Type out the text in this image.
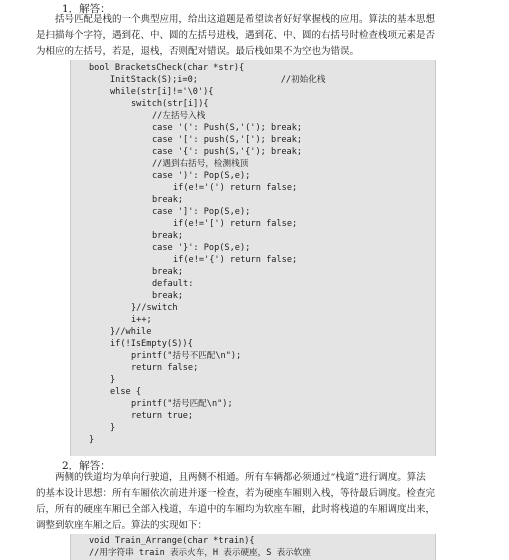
1．解答：
括号匹配是栈的一个典型应用，给出这道题是希望读者好好掌握栈的应用。算法的基本思想
是扫描每个字符，遇到花、中、圆的左括号进栈，遇到花、中、圆的右括号时检查栈项元素是否
为相应的左括号，若是，退栈，否则配对错误。最后栈如果不为空也为错误。
bool BracketsCheck(char *str){
InitStack(S);i=0;                //初始化栈
while(str[i]!='\0'){
switch(str[i]){
//左括号入栈
case '(': Push(S,'('); break;
case '[': push(S,'['); break;
case '{': push(S,'{'); break;
//遇到右括号，检测栈顶
case ')': Pop(S,e);
if(e!='(') return false;
break;
case ']': Pop(S,e);
if(e!='[') return false;
break;
case '}': Pop(S,e);
if(e!='{') return false;
break;
default:
break;
}//switch
i++;
}//while
if(!IsEmpty(S)){
printf("括号不匹配\n");
return false;
}
else {
printf("括号匹配\n");
return true;
}
}
2．解答：
两侧的铁道均为单向行驶道，且两侧不相通。所有车辆都必须通过“栈道”进行调度。算法
的基本设计思想：所有车厢依次前进并逐一检查，若为硬座车厢则入栈，等待最后调度。检查完
后，所有的硬座车厢已全部入栈道，车道中的车厢均为软座车厢，此时将栈道的车厢调度出来，
调整到软座车厢之后。算法的实现如下：
void Train_Arrange(char *train){
//用字符串 train 表示火车，H 表示硬座，S 表示软座
